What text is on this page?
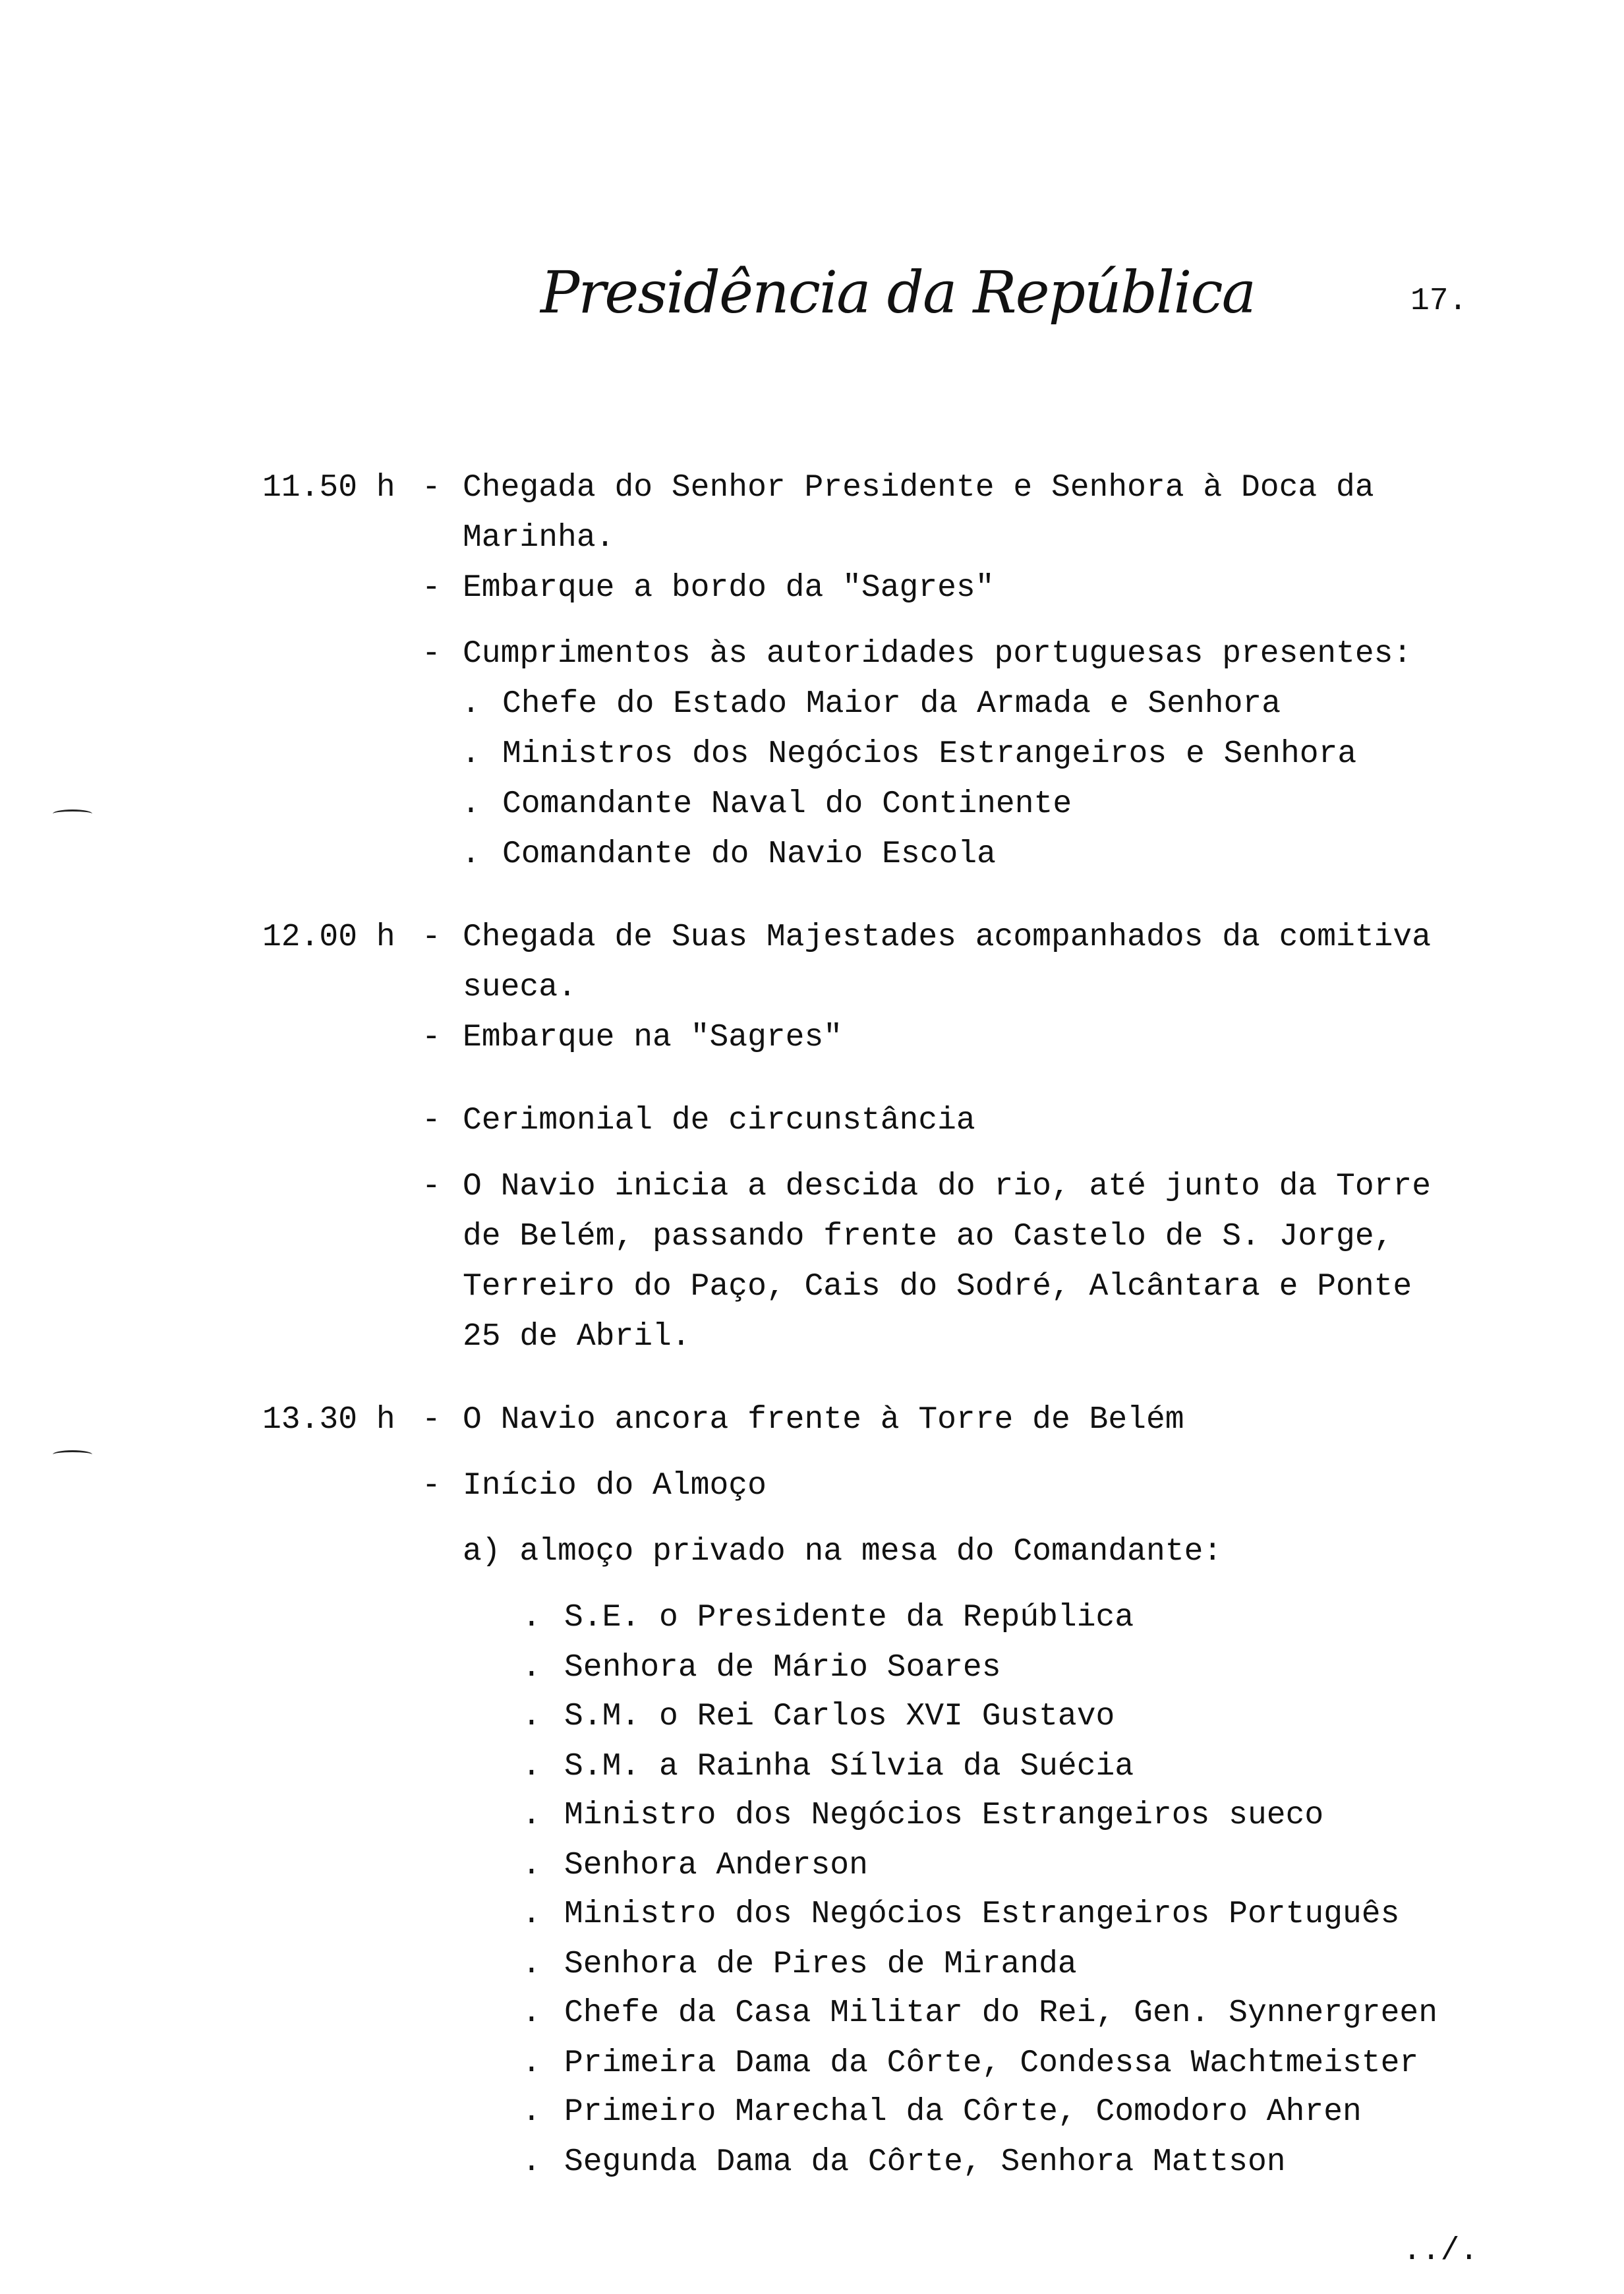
Presidência da República	17.
11.50 h - Chegada do Senhor Presidente e Senhora à Doca da
Marinha.
- Embarque a bordo da "Sagres"
- Cumprimentos às autoridades portuguesas presentes:
. Chefe do Estado Maior da Armada e Senhora
. Ministros dos Negócios Estrangeiros e Senhora
. Comandante Naval do Continente
. Comandante do Navio Escola
12.00 h - Chegada de Suas Majestades acompanhados da comitiva
sueca.
- Embarque na "Sagres"
- Cerimonial de circunstância
- O Navio inicia a descida do rio, até junto da Torre
de Belém, passando frente ao Castelo de S. Jorge,
Terreiro do Paço, Cais do Sodré, Alcântara e Ponte
25 de Abril.
13.30 h - O Navio ancora frente à Torre de Belém
- Início do Almoço
a) almoço privado na mesa do Comandante:
. S.E. o Presidente da República
. Senhora de Mário Soares
. S.M. o Rei Carlos XVI Gustavo
. S.M. a Rainha Sílvia da Suécia
. Ministro dos Negócios Estrangeiros sueco
. Senhora Anderson
. Ministro dos Negócios Estrangeiros Português
. Senhora de Pires de Miranda
. Chefe da Casa Militar do Rei, Gen. Synnergreen
. Primeira Dama da Côrte, Condessa Wachtmeister
. Primeiro Marechal da Côrte, Comodoro Ahren
. Segunda Dama da Côrte, Senhora Mattson
../.
